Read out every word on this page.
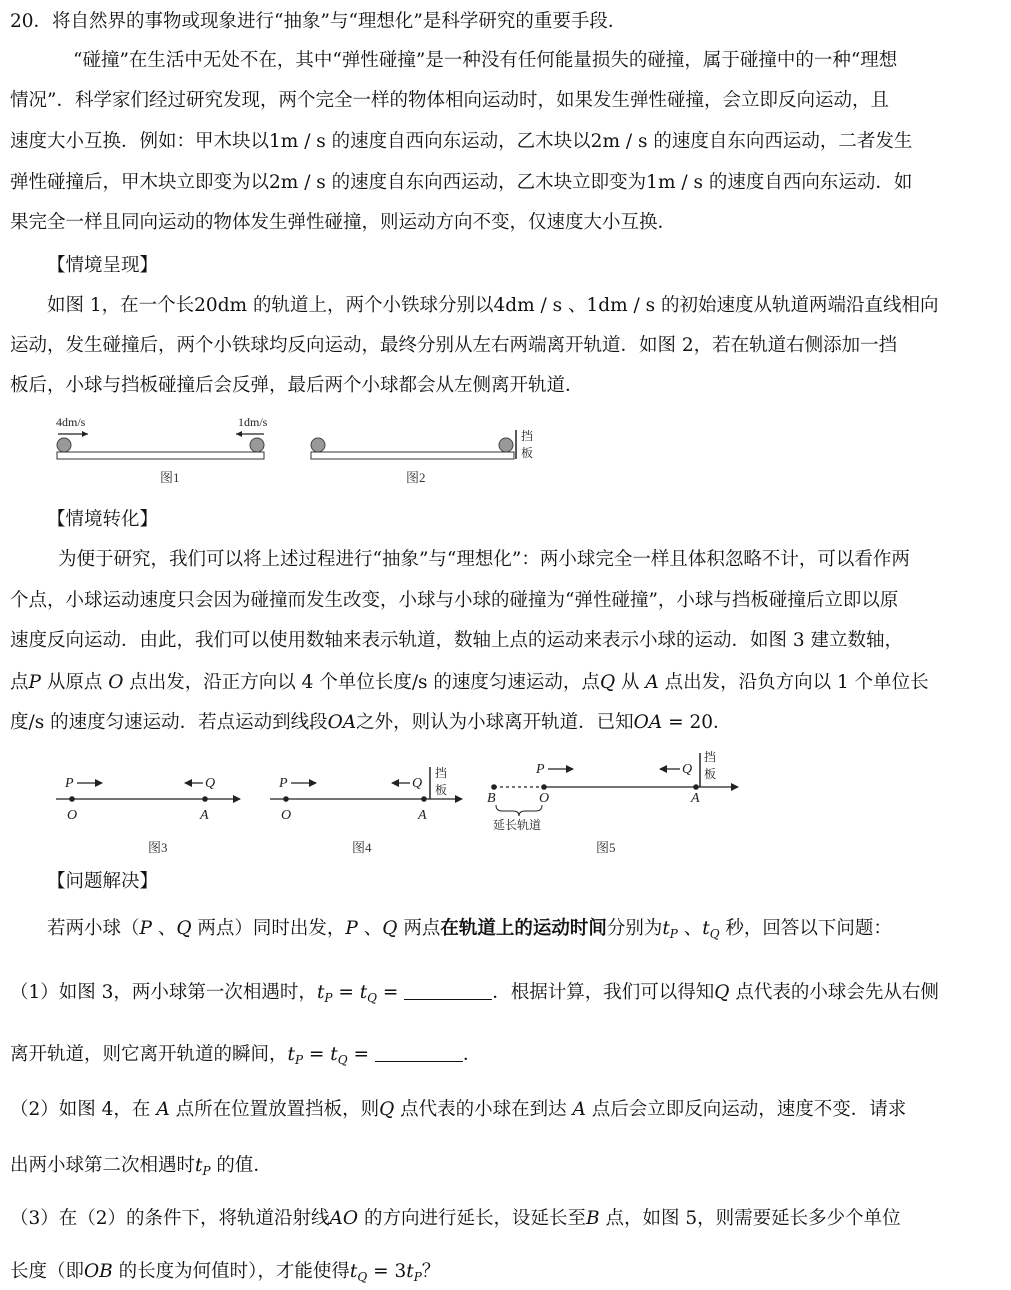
20．将自然界的事物或现象进行“抽象”与“理想化”是科学研究的重要手段．
“碰撞”在生活中无处不在，其中“弹性碰撞”是一种没有任何能量损失的碰撞，属于碰撞中的一种“理想
情况”．科学家们经过研究发现，两个完全一样的物体相向运动时，如果发生弹性碰撞，会立即反向运动，且
速度大小互换．例如：甲木块以1m / s 的速度自西向东运动，乙木块以2m / s 的速度自东向西运动，二者发生
弹性碰撞后，甲木块立即变为以2m / s 的速度自东向西运动，乙木块立即变为1m / s 的速度自西向东运动．如
果完全一样且同向运动的物体发生弹性碰撞，则运动方向不变，仅速度大小互换．
【情境呈现】
如图 1，在一个长20dm 的轨道上，两个小铁球分别以4dm / s 、1dm / s 的初始速度从轨道两端沿直线相向
运动，发生碰撞后，两个小铁球均反向运动，最终分别从左右两端离开轨道．如图 2，若在轨道右侧添加一挡
板后，小球与挡板碰撞后会反弹，最后两个小球都会从左侧离开轨道．
4dm/s	1dm/s
图1
挡
板
图2
【情境转化】
为便于研究，我们可以将上述过程进行“抽象”与“理想化”：两小球完全一样且体积忽略不计，可以看作两
个点，小球运动速度只会因为碰撞而发生改变，小球与小球的碰撞为“弹性碰撞”，小球与挡板碰撞后立即以原
速度反向运动．由此，我们可以使用数轴来表示轨道，数轴上点的运动来表示小球的运动．如图 3 建立数轴，
点P 从原点 O 点出发，沿正方向以 4 个单位长度/s 的速度匀速运动，点Q 从 A 点出发，沿负方向以 1 个单位长
度/s 的速度匀速运动．若点运动到线段OA之外，则认为小球离开轨道．已知OA = 20．
P	Q
O	A
图3
P	Q
挡
板
O	A
图4
P	Q
挡
板
B	O	A
延长轨道
图5
【问题解决】
若两小球（P 、Q 两点）同时出发，P 、Q 两点在轨道上的运动时间分别为$t_P$ 、$t_Q$ 秒，回答以下问题：
（1）如图 3，两小球第一次相遇时，$t_P = t_Q$ =	．根据计算，我们可以得知Q 点代表的小球会先从右侧
离开轨道，则它离开轨道的瞬间，$t_P = t_Q$ =	．
（2）如图 4，在 A 点所在位置放置挡板，则Q 点代表的小球在到达 A 点后会立即反向运动，速度不变．请求
出两小球第二次相遇时$t_P$ 的值．
（3）在（2）的条件下，将轨道沿射线AO 的方向进行延长，设延长至B 点，如图 5，则需要延长多少个单位
长度（即OB 的长度为何值时），才能使得$t_Q = 3t_P$？
